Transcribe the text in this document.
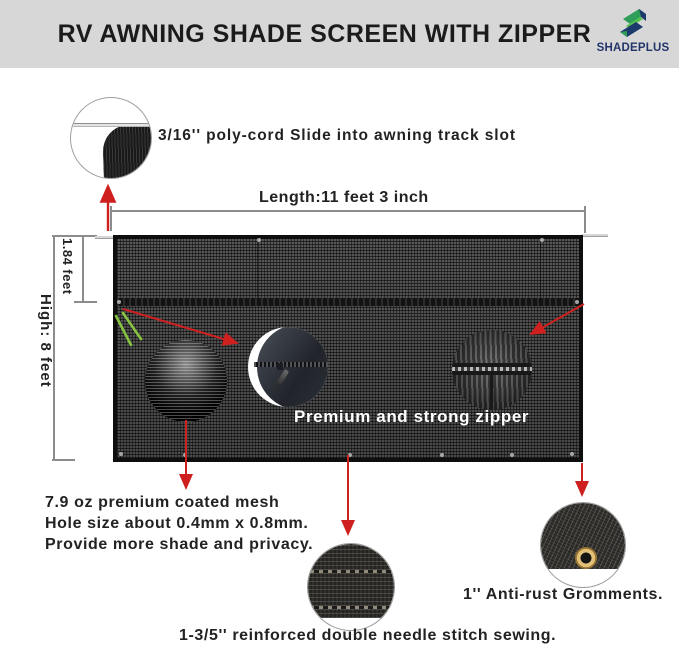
RV AWNING SHADE SCREEN WITH ZIPPER
SHADEPLUS
3/16'' poly-cord Slide into awning track slot
Length:11 feet 3 inch
High: 8 feet
1.84 feet
Premium and strong zipper
7.9 oz premium coated mesh
Hole size about 0.4mm x 0.8mm.
Provide more shade and privacy.
1'' Anti-rust Gromments.
1-3/5'' reinforced double needle stitch sewing.
